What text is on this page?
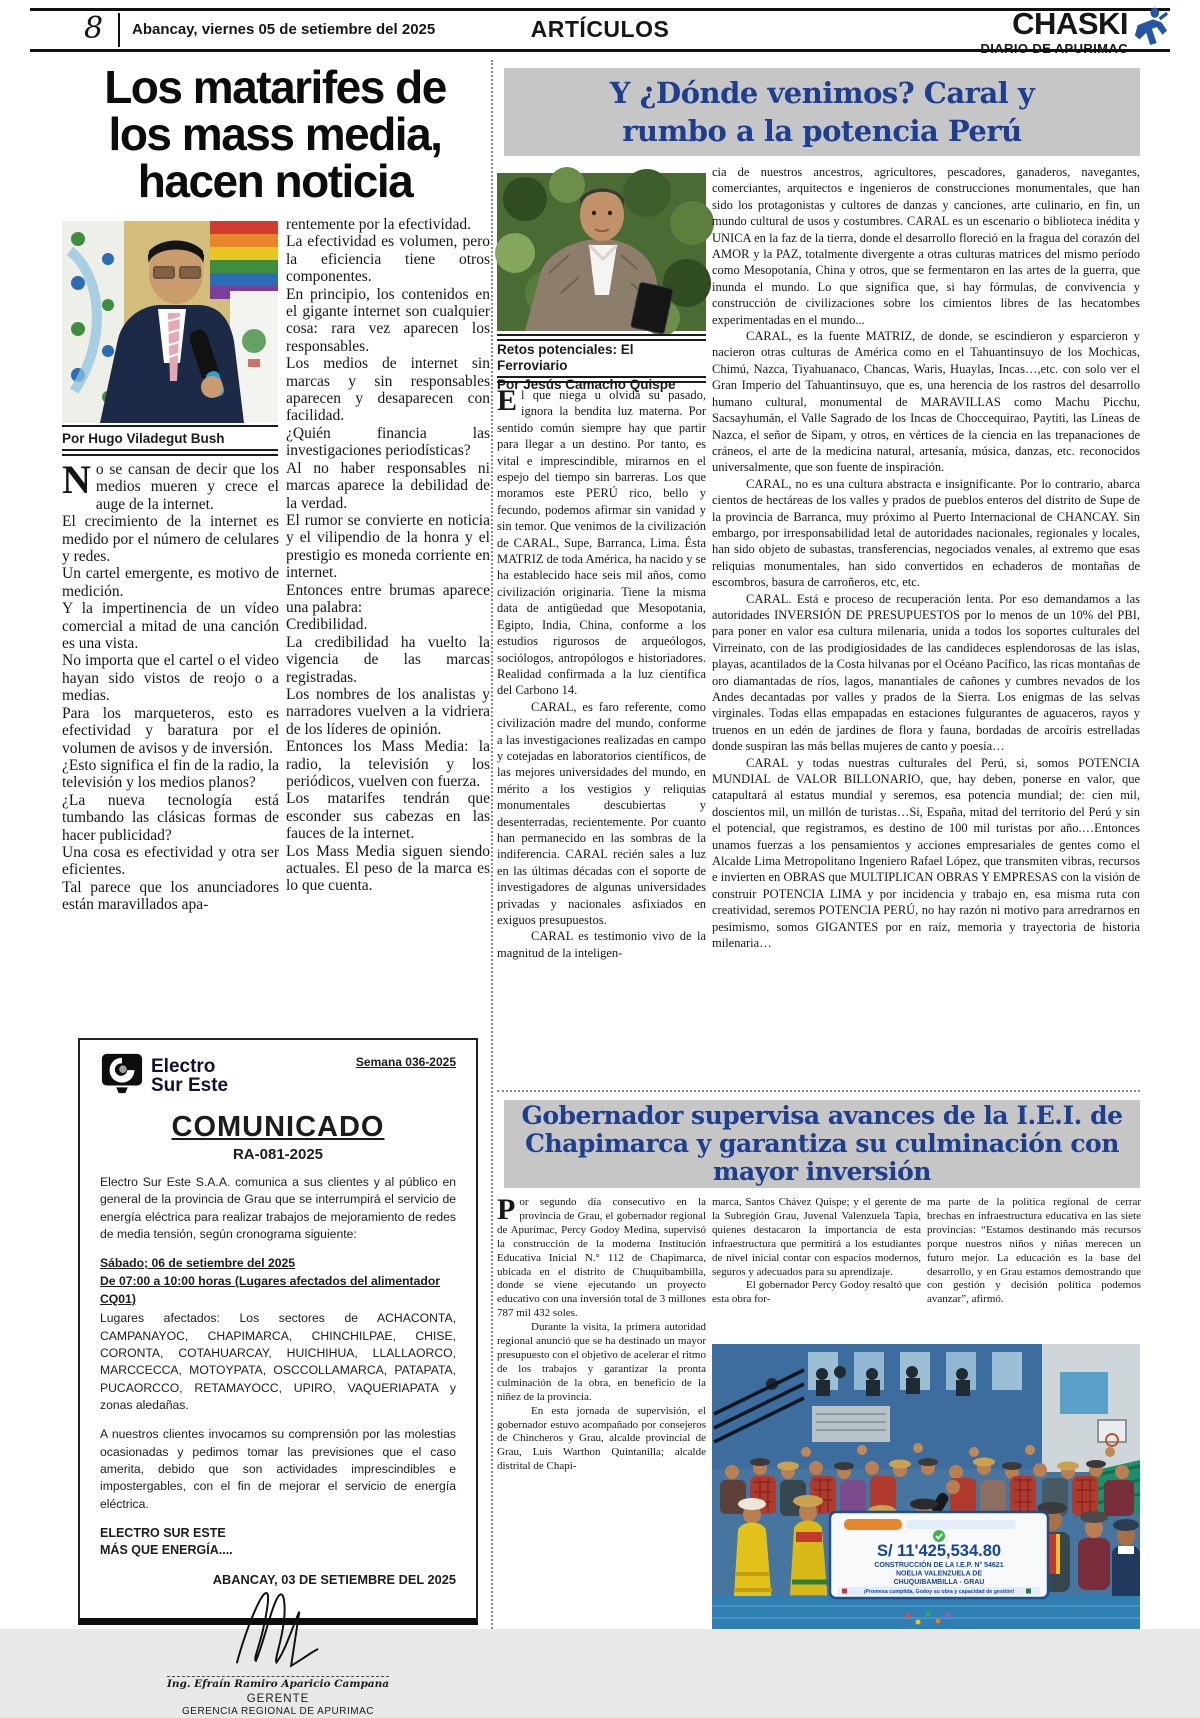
8 Abancay, viernes 05 de setiembre del 2025	ARTÍCULOS	CHASKI
Los matarifes de
los mass media,
hacen noticia
Por Hugo Viladegut Bush

No se cansan de decir que los medios mueren y crece el auge de la internet.

El crecimiento de la internet es medido por el número de celulares y redes.

Un cartel emergente, es motivo de medición.

Y la impertinencia de un vídeo comercial a mitad de una canción es una vista.

No importa que el cartel o el video hayan sido vistos de reojo o a medias.

Para los marqueteros, esto es efectividad y baratura por el volumen de avisos y de inversión.

¿Esto significa el fin de la radio, la televisión y los medios planos?

¿La nueva tecnología está tumbando las clásicas formas de hacer publicidad?

Una cosa es efectividad y otra ser eficientes.

Tal parece que los anunciadores están maravillados apa-

rentemente por la efectividad.

La efectividad es volumen, pero la eficiencia tiene otros componentes.

En principio, los contenidos en el gigante internet son cualquier cosa: rara vez aparecen los responsables.

Los medios de internet sin marcas y sin responsables aparecen y desaparecen con facilidad.

¿Quién financia las investigaciones periodísticas?

Al no haber responsables ni marcas aparece la debilidad de la verdad.

El rumor se convierte en noticia y el vilipendio de la honra y el prestigio es moneda corriente en internet.

Entonces entre brumas aparece una palabra:

Credibilidad.

La credibilidad ha vuelto la vigencia de las marcas registradas.

Los nombres de los analistas y narradores vuelven a la vidriera de los líderes de opinión.

Entonces los Mass Media: la radio, la televisión y los periódicos, vuelven con fuerza.

Los matarifes tendrán que esconder sus cabezas en las fauces de la internet.

Los Mass Media siguen siendo actuales. El peso de la marca es lo que cuenta.

Electro
Sur Este
Semana 036-2025
COMUNICADO
RA-081-2025
Electro Sur Este S.A.A. comunica a sus clientes y al público en general de la provincia de Grau que se interrumpirá el servicio de energía eléctrica para realizar trabajos de mejoramiento de redes de media tensión, según cronograma siguiente:
Sábado; 06 de setiembre del 2025
De 07:00 a 10:00 horas (Lugares afectados del alimentador CQ01)
Lugares afectados: Los sectores de ACHACONTA, CAMPANAYOC, CHAPIMARCA, CHINCHILPAE, CHISE, CORONTA, COTAHUARCAY, HUICHIHUA, LLALLAORCO, MARCCECCA, MOTOYPATA, OSCCOLLAMARCA, PATAPATA, PUCAORCCO, RETAMAYOCC, UPIRO, VAQUERIAPATA y zonas aledañas.
A nuestros clientes invocamos su comprensión por las molestias ocasionadas y pedimos tomar las previsiones que el caso amerita, debido que son actividades imprescindibles e impostergables, con el fin de mejorar el servicio de energía eléctrica.
ELECTRO SUR ESTE
MÁS QUE ENERGÍA....
ABANCAY, 03 DE SETIEMBRE DEL 2025
Ing. Efraín Ramiro Aparicio Campana
GERENTE
GERENCIA REGIONAL DE APURIMAC
Y ¿Dónde venimos? Caral y
rumbo a la potencia Perú
Retos potenciales: El Ferroviario
Por Jesús Camacho Quispe

El que niega u olvida su pasado, ignora la bendita luz materna. Por sentido común siempre hay que partir para llegar a un destino. Por tanto, es vital e imprescindible, mirarnos en el espejo del tiempo sin barreras. Los que moramos este PERÚ rico, bello y fecundo, podemos afirmar sin vanidad y sin temor. Que venimos de la civilización de CARAL, Supe, Barranca, Lima. Ésta MATRIZ de toda América, ha nacido y se ha establecido hace seis mil años, como civilización originaria. Tiene la misma data de antigüedad que Mesopotania, Egipto, India, China, conforme a los estudios rigurosos de arqueólogos, sociólogos, antropólogos e historiadores. Realidad confirmada a la luz científica del Carbono 14.

CARAL, es faro referente, como civilización madre del mundo, conforme a las investigaciones realizadas en campo y cotejadas en laboratorios científicos, de las mejores universidades del mundo, en mérito a los vestigios y reliquias monumentales descubiertas y desenterradas, recientemente. Por cuanto han permanecido en las sombras de la indiferencia. CARAL recién sales a luz en las últimas décadas con el soporte de investigadores de algunas universidades privadas y nacionales asfixiados en exiguos presupuestos.

CARAL es testimonio vivo de la magnitud de la inteligen-

cia de nuestros ancestros, agricultores, pescadores, ganaderos, navegantes, comerciantes, arquitectos e ingenieros de construcciones monumentales, que han sido los protagonistas y cultores de danzas y canciones, arte culinario, en fin, un mundo cultural de usos y costumbres. CARAL es un escenario o biblioteca inédita y UNICA en la faz de la tierra, donde el desarrollo floreció en la fragua del corazón del AMOR y la PAZ, totalmente divergente a otras culturas matrices del mismo período como Mesopotanía, China y otros, que se fermentaron en las artes de la guerra, que inunda el mundo. Lo que significa que, si hay fórmulas, de convivencia y construcción de civilizaciones sobre los cimientos libres de las hecatombes experimentadas en el mundo...

CARAL, es la fuente MATRIZ, de donde, se escindieron y esparcieron y nacieron otras culturas de América como en el Tahuantinsuyo de los Mochicas, Chimú, Nazca, Tiyahuanaco, Chancas, Waris, Huaylas, Incas…,etc. con solo ver el Gran Imperio del Tahuantinsuyo, que es, una herencia de los rastros del desarrollo humano cultural, monumental de MARAVILLAS como Machu Picchu, Sacsayhumán, el Valle Sagrado de los Incas de Choccequirao, Paytiti, las Líneas de Nazca, el señor de Sipam, y otros, en vértices de la ciencia en las trepanaciones de cráneos, el arte de la medicina natural, artesanía, música, danzas, etc. reconocidos universalmente, que son fuente de inspiración.

CARAL, no es una cultura abstracta e insignificante. Por lo contrario, abarca cientos de hectáreas de los valles y prados de pueblos enteros del distrito de Supe de la provincia de Barranca, muy próximo al Puerto Internacional de CHANCAY. Sin embargo, por irresponsabilidad letal de autoridades nacionales, regionales y locales, han sido objeto de subastas, transferencias, negociados venales, al extremo que esas reliquias monumentales, han sido convertidos en echaderos de montañas de escombros, basura de carroñeros, etc, etc.

CARAL. Está e proceso de recuperación lenta. Por eso demandamos a las autoridades INVERSIÓN DE PRESUPUESTOS por lo menos de un 10% del PBI, para poner en valor esa cultura milenaria, unida a todos los soportes culturales del Virreinato, con de las prodigiosidades de las candideces esplendorosas de las islas, playas, acantilados de la Costa hilvanas por el Océano Pacífico, las ricas montañas de oro diamantadas de ríos, lagos, manantiales de cañones y cumbres nevados de los Andes decantadas por valles y prados de la Sierra. Los enigmas de las selvas virginales. Todas ellas empapadas en estaciones fulgurantes de aguaceros, rayos y truenos en un edén de jardines de flora y fauna, bordadas de arcoíris estrelladas donde suspiran las más bellas mujeres de canto y poesía…

CARAL y todas nuestras culturales del Perú, si, somos POTENCIA MUNDIAL de VALOR BILLONARIO, que, hay deben, ponerse en valor, que catapultará al estatus mundial y seremos, esa potencia mundial; de: cien mil, doscientos mil, un millón de turistas…Si, España, mitad del territorio del Perú y sin el potencial, que registramos, es destino de 100 mil turistas por año.…Entonces unamos fuerzas a los pensamientos y acciones empresariales de gentes como el Alcalde Lima Metropolitano Ingeniero Rafael López, que transmiten vibras, recursos e invierten en OBRAS que MULTIPLICAN OBRAS Y EMPRESAS con la visión de construir POTENCIA LIMA y por incidencia y trabajo en, esa misma ruta con creatividad, seremos POTENCIA PERÚ, no hay razón ni motivo para arredrarnos en pesimismo, somos GIGANTES por en raíz, memoria y trayectoria de historia milenaria…

Gobernador supervisa avances de la I.E.I. de
Chapimarca y garantiza su culminación con
mayor inversión

Por segundo día consecutivo en la provincia de Grau, el gobernador regional de Apurímac, Percy Godoy Medina, supervisó la construcción de la moderna Institución Educativa Inicial N.° 112 de Chapimarca, ubicada en el distrito de Chuquibambilla, donde se viene ejecutando un proyecto educativo con una inversión total de 3 millones 787 mil 432 soles.

Durante la visita, la primera autoridad regional anunció que se ha destinado un mayor presupuesto con el objetivo de acelerar el ritmo de los trabajos y garantizar la pronta culminación de la obra, en beneficio de la niñez de la provincia.

En esta jornada de supervisión, el gobernador estuvo acompañado por consejeros de Chincheros y Grau, alcalde provincial de Grau, Luis Warthon Quintanilla; alcalde distrital de Chapi-

marca, Santos Chávez Quispe; y el gerente de la Subregión Grau, Juvenal Valenzuela Tapia, quienes destacaron la importancia de esta infraestructura que permitirá a los estudiantes de nivel inicial contar con espacios modernos, seguros y adecuados para su aprendizaje.

El gobernador Percy Godoy resaltó que esta obra for-

ma parte de la política regional de cerrar brechas en infraestructura educativa en las siete provincias: “Estamos destinando más recursos porque nuestros niños y niñas merecen un futuro mejor. La educación es la base del desarrollo, y en Grau estamos demostrando que con gestión y decisión política podemos avanzar”, afirmó.

S/ 11'425,534.80
CONSTRUCCIÓN DE LA I.E.P. N° 54621
NOELIA VALENZUELA DE
CHUQUIBAMBILLA - GRAU
¡Promesa cumplida, Godoy su obra y capacidad de gestión!
